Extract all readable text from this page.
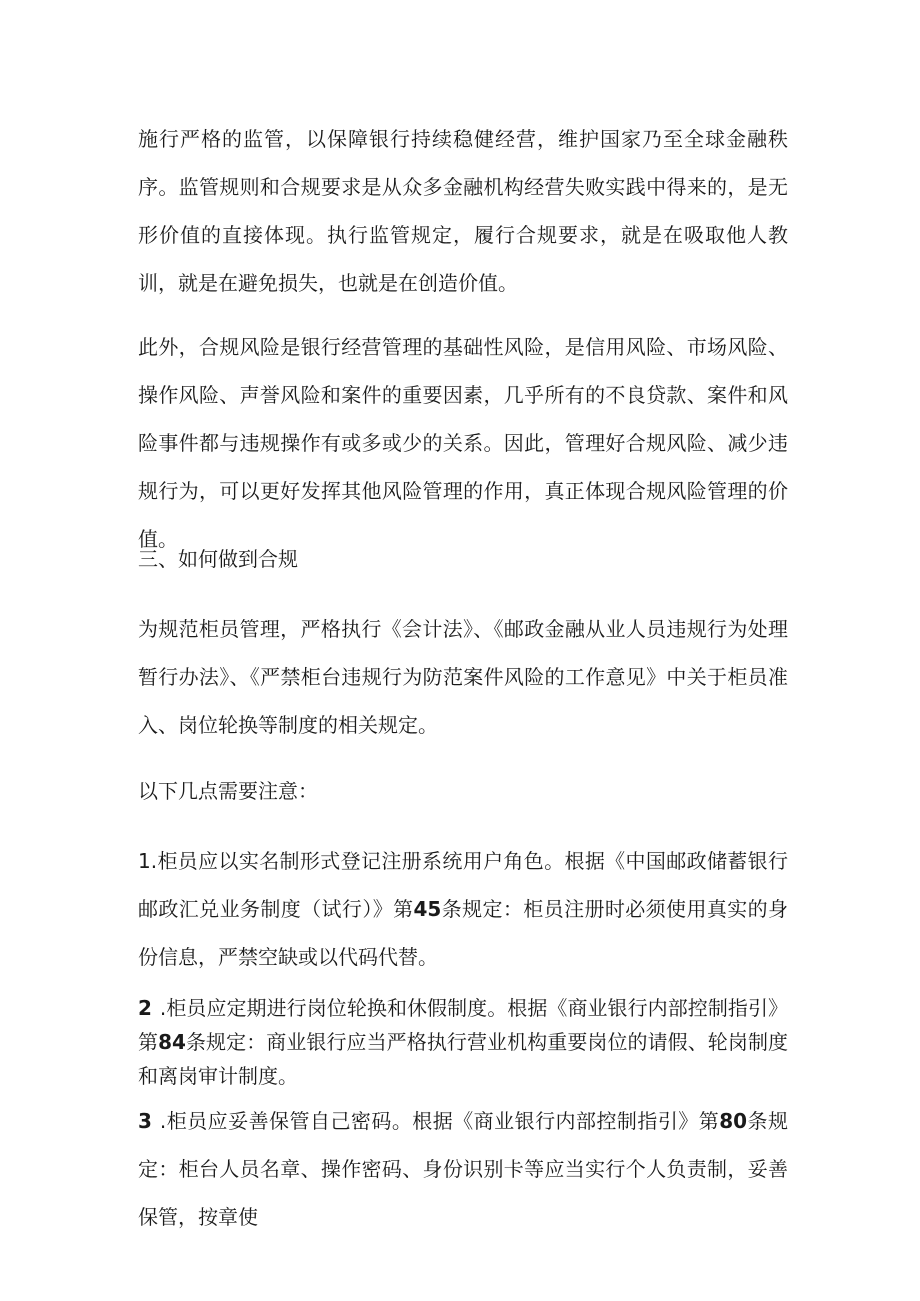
施行严格的监管，以保障银行持续稳健经营，维护国家乃至全球金融秩序。监管规则和合规要求是从众多金融机构经营失败实践中得来的，是无形价值的直接体现。执行监管规定，履行合规要求，就是在吸取他人教训，就是在避免损失，也就是在创造价值。

此外，合规风险是银行经营管理的基础性风险，是信用风险、市场风险、操作风险、声誉风险和案件的重要因素，几乎所有的不良贷款、案件和风险事件都与违规操作有或多或少的关系。因此，管理好合规风险、减少违规行为，可以更好发挥其他风险管理的作用，真正体现合规风险管理的价值。

三、如何做到合规

为规范柜员管理，严格执行《会计法》、《邮政金融从业人员违规行为处理暂行办法》、《严禁柜台违规行为防范案件风险的工作意见》中关于柜员准入、岗位轮换等制度的相关规定。

以下几点需要注意：

1.柜员应以实名制形式登记注册系统用户角色。根据《中国邮政储蓄银行邮政汇兑业务制度（试行）》第45条规定：柜员注册时必须使用真实的身份信息，严禁空缺或以代码代替。

2 .柜员应定期进行岗位轮换和休假制度。根据《商业银行内部控制指引》第84条规定：商业银行应当严格执行营业机构重要岗位的请假、轮岗制度和离岗审计制度。

3 .柜员应妥善保管自己密码。根据《商业银行内部控制指引》第80条规定：柜台人员名章、操作密码、身份识别卡等应当实行个人负责制，妥善保管，按章使
